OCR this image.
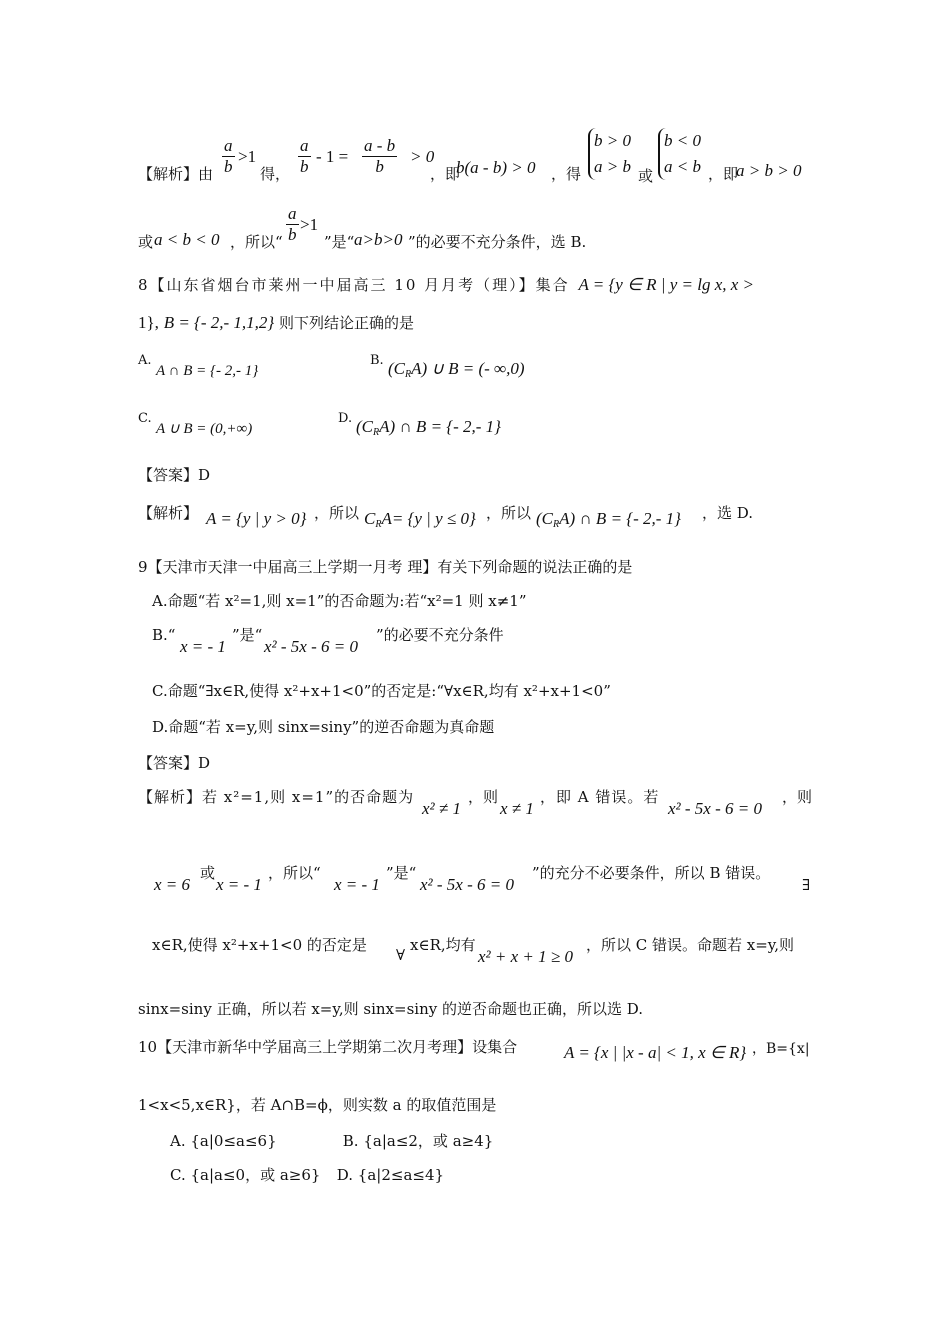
【解析】由 $\frac{a}{b} >1$
得， $\frac{a}{b} - 1 = \frac{a - b}{b} > 0$
，即
b(a - b) > 0 ，得
b > 0
a > b 或
b < 0
a < b ，即
a > b > 0
或 a < b < 0 ，所以“ $\frac{a}{b} >1$
”是“ a>b>0 ”的必要不充分条件，选 B.
8【山东省烟台市莱州一中届高三 10 月月考（理）】集合 A = {y ∈ R | y = lg x, x >
1}, B = {- 2,- 1,1,2} 则下列结论正确的是
A.
A ∩ B = {- 2,- 1}
B. $(C_RA)$ ∪ B = (- ∞,0)
C.
A ∪ B = (0,+∞)
D. $(C_RA)$ ∩ B = {- 2,- 1}
【答案】D
【解析】 A = {y | y > 0} ，所以 $C_RA= \{y$ | y ≤ 0} ，所以 $(C_RA)$ ∩ B = {- 2,- 1} ，选 D.
9【天津市天津一中届高三上学期一月考 理】有关下列命题的说法正确的是
A.命题“若 x²=1,则 x=1”的否命题为:若“x²=1 则 x≠1”
B.“
x = - 1
”是“
x² - 5x - 6 = 0
”的必要不充分条件
C.命题“∃x∈R,使得 x²+x+1<0”的否定是:“∀x∈R,均有 x²+x+1<0”
D.命题“若 x=y,则 sinx=siny”的逆否命题为真命题
【答案】D
【解析】若 x²=1,则 x=1”的否命题为
x² ≠ 1
，则
x ≠ 1
，即 A 错误。若
x² - 5x - 6 = 0
，则
x = 6
或
x = - 1
，所以“
x = - 1
”是“
x² - 5x - 6 = 0
”的充分不必要条件，所以 B 错误。
∃
x∈R,使得 x²+x+1<0 的否定是
∀
x∈R,均有
x² + x + 1 ≥ 0
，所以 C 错误。命题若 x=y,则
sinx=siny 正确，所以若 x=y,则 sinx=siny 的逆否命题也正确，所以选 D.
10【天津市新华中学届高三上学期第二次月考理】设集合	A = {x | |x - a| < 1, x ∈ R} ，B={x|
1<x<5,x∈R}，若 A∩B=ϕ，则实数 a 的取值范围是
A. {a|0≤a≤6}	B. {a|a≤2，或 a≥4}
C. {a|a≤0，或 a≥6} D. {a|2≤a≤4}
